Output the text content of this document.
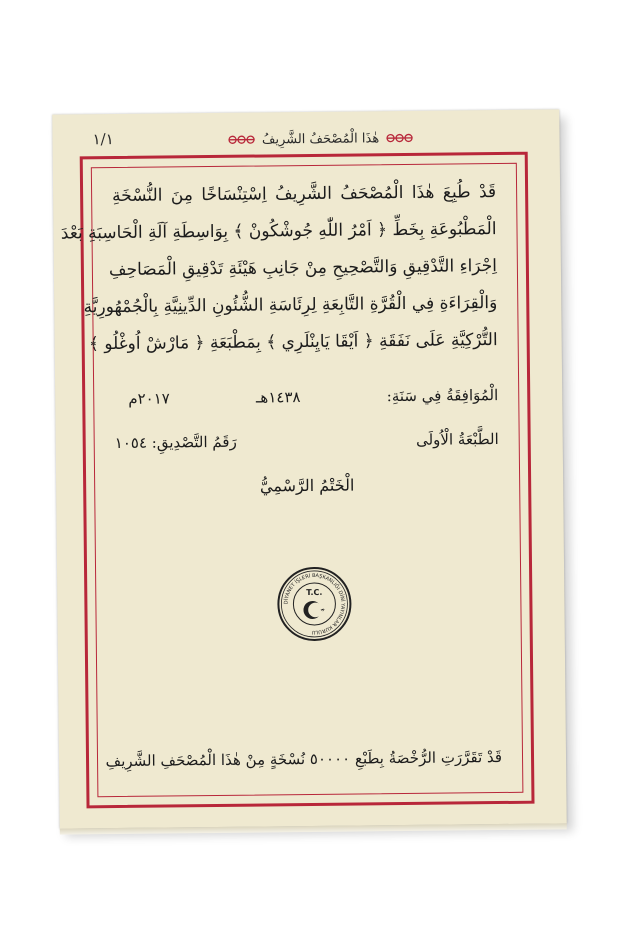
١/١	هٰذَا الْمُصْحَفُ الشَّرِيفُ
قَدْ طُبِعَ هٰذَا الْمُصْحَفُ الشَّرِيفُ اِسْتِنْسَاخًا مِنَ النُّسْخَةِ
الْمَطْبُوعَةِ بِخَطِّ ﴿ اَمْرُ اللّٰهِ جُوشْكُونْ ﴾ بِوَاسِطَةِ آلَةِ الْحَاسِبَةِ بَعْدَ
اِجْرَاءِ التَّدْقِيقِ وَالتَّصْحِيحِ مِنْ جَانِبِ هَيْئَةِ تَدْقِيقِ الْمَصَاحِفِ
وَالْقِرَاءَةِ فِي الْقُرَّةِ التَّابِعَةِ لِرِئَاسَةِ الشُّئُونِ الدِّينِيَّةِ بِالْجُمْهُورِيَّةِ
التُّرْكِيَّةِ عَلَى نَفَقَةِ ﴿ اَيْقَا يَايِنْلَرِي ﴾ بِمَطْبَعَةِ ﴿ مَارْشْ اُوغْلُو ﴾
الْمُوَافِقَةُ فِي سَنَةِ:
١٤٣٨هـ
٢٠١٧م
الطَّبْعَةُ الْاُولَى
رَقَمُ التَّصْدِيقِ: ١٠٥٤
الْخَتْمُ الرَّسْمِيُّ
DİYANET İŞLERİ BAŞKANLIĞI DİNİ YAYINLAR KURULU
T.C.
قَدْ تَقَرَّرَتِ الرُّخْصَةُ بِطَبْعِ ٥٠٠٠٠ نُسْخَةٍ مِنْ هٰذَا الْمُصْحَفِ الشَّرِيفِ
